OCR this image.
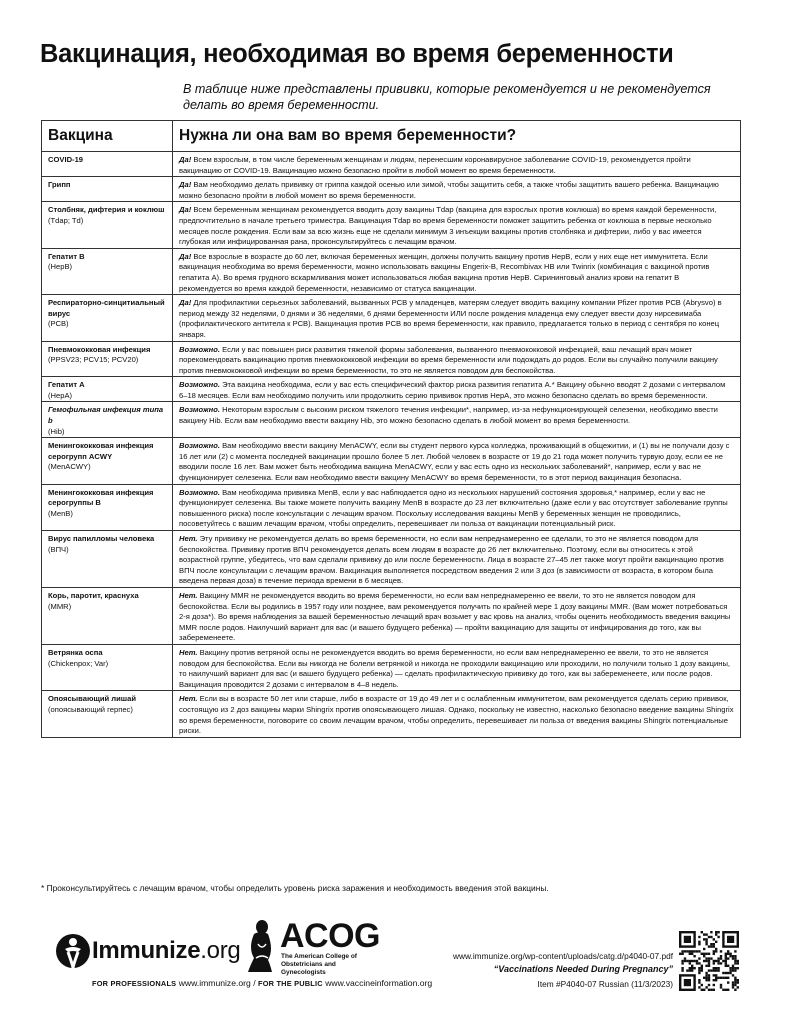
Вакцинация, необходимая во время беременности
В таблице ниже представлены прививки, которые рекомендуется и не рекомендуется делать во время беременности.
Вакцина	Нужна ли она вам во время беременности?
COVID-19	Да! Всем взрослым, в том числе беременным женщинам и людям, перенесшим коронавирусное заболевание COVID-19, рекомендуется пройти вакцинацию от COVID-19. Вакцинацию можно безопасно пройти в любой момент во время беременности.
Грипп	Да! Вам необходимо делать прививку от гриппа каждой осенью или зимой, чтобы защитить себя, а также чтобы защитить вашего ребенка. Вакцинацию можно безопасно пройти в любой момент во время беременности.
Столбняк, дифтерия и коклюш
(Tdap; Td)	Да! Всем беременным женщинам рекомендуется вводить дозу вакцины Tdap (вакцина для взрослых против коклюша) во время каждой беременности, предпочтительно в начале третьего триместра. Вакцинация Tdap во время беременности поможет защитить ребенка от коклюша в первые несколько месяцев после рождения. Если вам за всю жизнь еще не сделали минимум 3 инъекции вакцины против столбняка и дифтерии, либо у вас имеется глубокая или инфицированная рана, проконсультируйтесь с лечащим врачом.
Гепатит В
(HepB)	Да! Все взрослые в возрасте до 60 лет, включая беременных женщин, должны получить вакцину против HepB, если у них еще нет иммунитета. Если вакцинация необходима во время беременности, можно использовать вакцины Engerix-B, Recombivax HB или Twinrix (комбинация с вакциной против гепатита А). Во время грудного вскармливания может использоваться любая вакцина против HepB. Скрининговый анализ крови на гепатит В рекомендуется во время каждой беременности, независимо от статуса вакцинации.
Респираторно-синцитиальный вирус
(РСВ)	Да! Для профилактики серьезных заболеваний, вызванных РСВ у младенцев, матерям следует вводить вакцину компании Pfizer против РСВ (Abrysvo) в период между 32 неделями, 0 днями и 36 неделями, 6 днями беременности ИЛИ после рождения младенца ему следует ввести дозу нирсевимаба (профилактического антитела к РСВ). Вакцинация против РСВ во время беременности, как правило, предлагается только в период с сентября по конец января.
Пневмококковая инфекция
(PPSV23; PCV15; PCV20)	Возможно. Если у вас повышен риск развития тяжелой формы заболевания, вызванного пневмококковой инфекцией, ваш лечащий врач может порекомендовать вакцинацию против пневмококковой инфекции во время беременности или подождать до родов. Если вы случайно получили вакцину против пневмококковой инфекции во время беременности, то это не является поводом для беспокойства.
Гепатит А
(HepA)	Возможно. Эта вакцина необходима, если у вас есть специфический фактор риска развития гепатита А.* Вакцину обычно вводят 2 дозами с интервалом 6–18 месяцев. Если вам необходимо получить или продолжить серию прививок против HepA, это можно безопасно сделать во время беременности.
Гемофильная инфекция типа b
(Hib)	Возможно. Некоторым взрослым с высоким риском тяжелого течения инфекции*, например, из-за нефункционирующей селезенки, необходимо ввести вакцину Hib. Если вам необходимо ввести вакцину Hib, это можно безопасно сделать в любой момент во время беременности.
Менингококковая инфекция серогрупп ACWY
(MenACWY)	Возможно. Вам необходимо ввести вакцину MenACWY, если вы студент первого курса колледжа, проживающий в общежитии, и (1) вы не получали дозу с 16 лет или (2) с момента последней вакцинации прошло более 5 лет. Любой человек в возрасте от 19 до 21 года может получить турвую дозу, если ее не вводили после 16 лет. Вам может быть необходима вакцина MenACWY, если у вас есть одно из нескольких заболеваний*, например, если у вас не функционирует селезенка. Если вам необходимо ввести вакцину MenACWY во время беременности, то в этот период вакцинация безопасна.
Менингококковая инфекция серогруппы В
(MenB)	Возможно. Вам необходима прививка MenB, если у вас наблюдается одно из нескольких нарушений состояния здоровья,* например, если у вас не функционирует селезенка. Вы также можете получить вакцину MenB в возрасте до 23 лет включительно (даже если у вас отсутствует заболевание группы повышенного риска) после консультации с лечащим врачом. Поскольку исследования вакцины MenB у беременных женщин не проводились, посоветуйтесь с вашим лечащим врачом, чтобы определить, перевешивает ли польза от вакцинации потенциальный риск.
Вирус папилломы человека
(ВПЧ)	Нет. Эту прививку не рекомендуется делать во время беременности, но если вам непреднамеренно ее сделали, то это не является поводом для беспокойства. Прививку против ВПЧ рекомендуется делать всем людям в возрасте до 26 лет включительно. Поэтому, если вы относитесь к этой возрастной группе, убедитесь, что вам сделали прививку до или после беременности. Лица в возрасте 27–45 лет также могут пройти вакцинацию против ВПЧ после консультации с лечащим врачом. Вакцинация выполняется посредством введения 2 или 3 доз (в зависимости от возраста, в котором была введена первая доза) в течение периода времени в 6 месяцев.
Корь, паротит, краснуха
(MMR)	Нет. Вакцину MMR не рекомендуется вводить во время беременности, но если вам непреднамеренно ее ввели, то это не является поводом для беспокойства. Если вы родились в 1957 году или позднее, вам рекомендуется получить по крайней мере 1 дозу вакцины MMR. (Вам может потребоваться 2-я доза*). Во время наблюдения за вашей беременностью лечащий врач возьмет у вас кровь на анализ, чтобы оценить необходимость введения вакцины MMR после родов. Наилучший вариант для вас (и вашего будущего ребенка) — пройти вакцинацию для защиты от инфицирования до того, как вы забеременеете.
Ветрянка оспа
(Chickenpox; Var)	Нет. Вакцину против ветряной оспы не рекомендуется вводить во время беременности, но если вам непреднамеренно ее ввели, то это не является поводом для беспокойства. Если вы никогда не болели ветрянкой и никогда не проходили вакцинацию или проходили, но получили только 1 дозу вакцины, то наилучший вариант для вас (и вашего будущего ребенка) — сделать профилактическую прививку до того, как вы забеременеете, или после родов. Вакцинация проводится 2 дозами с интервалом в 4–8 недель.
Опоясывающий лишай
(опоясывающий герпес)	Нет. Если вы в возрасте 50 лет или старше, либо в возрасте от 19 до 49 лет и с ослабленным иммунитетом, вам рекомендуется сделать серию прививок, состоящую из 2 доз вакцины марки Shingrix против опоясывающего лишая. Однако, поскольку не известно, насколько безопасно введение вакцины Shingrix во время беременности, поговорите со своим лечащим врачом, чтобы определить, перевешивает ли польза от введения вакцины Shingrix потенциальные риски.
* Проконсультируйтесь с лечащим врачом, чтобы определить уровень риска заражения и необходимость введения этой вакцины.
Immunize.org ACOG
The American College of Obstetricians and Gynecologists
www.immunize.org/wp-content/uploads/catg.d/p4040-07.pdf
“Vaccinations Needed During Pregnancy”
Item #P4040-07 Russian (11/3/2023)
FOR PROFESSIONALS www.immunize.org / FOR THE PUBLIC www.vaccineinformation.org
